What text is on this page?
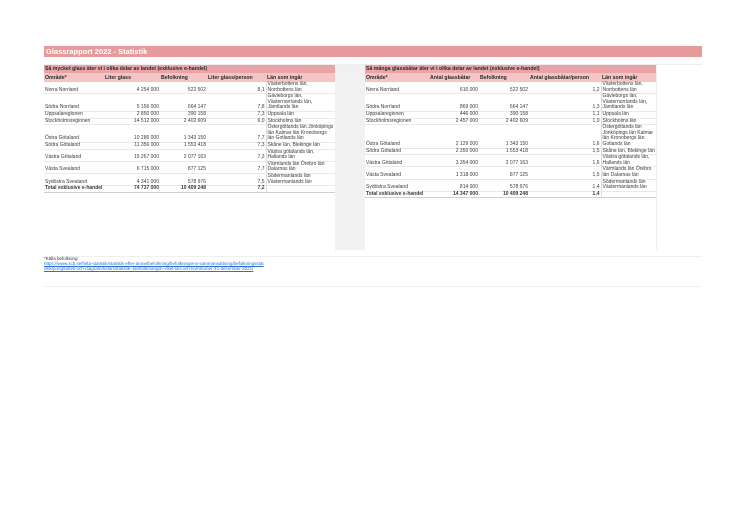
Glassrapport 2022 - Statistik
Så mycket glass äter vi i olika delar av landet (exklusive e-handel)
Område*	Liter glass	Befolkning	Liter glass/person	Län som ingår
Norra Norrland	4 254 000	522 502	8,1	Västerbottens län, Norrbottens län
Södra Norrland	5 156 000	664 147	7,8	Gävleborgs län, Västernorrlands län, Jämtlands län
Uppsalaregionen	2 850 000	390 158	7,3	Uppsala län
Stockholmsregionen	14 512 000	2 402 609	6,0	Stockholms län
Östra Götaland	10 286 000	1 343 150	7,7	Östergötlands län Jönköpings län Kalmar län Kronobergs län Gotlands län
Södra Götaland	11 356 000	1 553 418	7,3	Skåne län, Blekinge län
Västra Götaland	15 267 000	2 077 163	7,3	Västra götalands län, Hallands län
Västa Svealand	6 715 000	877 125	7,7	Värmlands län Örebro län Dalarnas län
Sydöstra Svealand	4 341 000	578 976	7,5	Södermanlands län Västermanlands län
Total exklusive e-handel	74 737 000	10 409 248	7,2	
Så många glassbåtar äter vi i olika delar av landet (exklusive e-handel)
Område*	Antal glassbåtar	Befolkning	Antal glassbåtar/person	Län som ingår
Norra Norrland	610 000	522 502	1,2	Västerbottens län, Norrbottens län
Södra Norrland	869 000	664 147	1,3	Gävleborgs län, Västernorrlands län, Jämtlands län
Uppsalaregionen	446 000	390 158	1,1	Uppsala län
Stockholmsregionen	2 457 000	2 402 609	1,0	Stockholms län
Östra Götaland	2 129 000	1 343 150	1,6	Östergötlands län Jönköpings län Kalmar län Kronobergs län Gotlands län
Södra Götaland	2 350 000	1 553 418	1,5	Skåne län, Blekinge län
Västra Götaland	3 354 000	2 077 163	1,6	Västra götalands län, Hallands län
Västa Svealand	1 318 000	877 125	1,5	Värmlands län Örebro län Dalarnas län
Sydöstra Svealand	814 000	578 976	1,4	Södermanlands län Västermanlands län
Total exklusive e-handel	14 347 000	10 409 248	1,4	
*Källa befolkning:
https://www.scb.se/hitta-statistik/statistik-efter-amne/befolkning/befolkningens-sammansattning/befolkningsstatistik/pong/tabell-och-diagram/helarsstatistik--lan/folkmangd-i-riket-lan-och-kommuner-31-december-2021/
